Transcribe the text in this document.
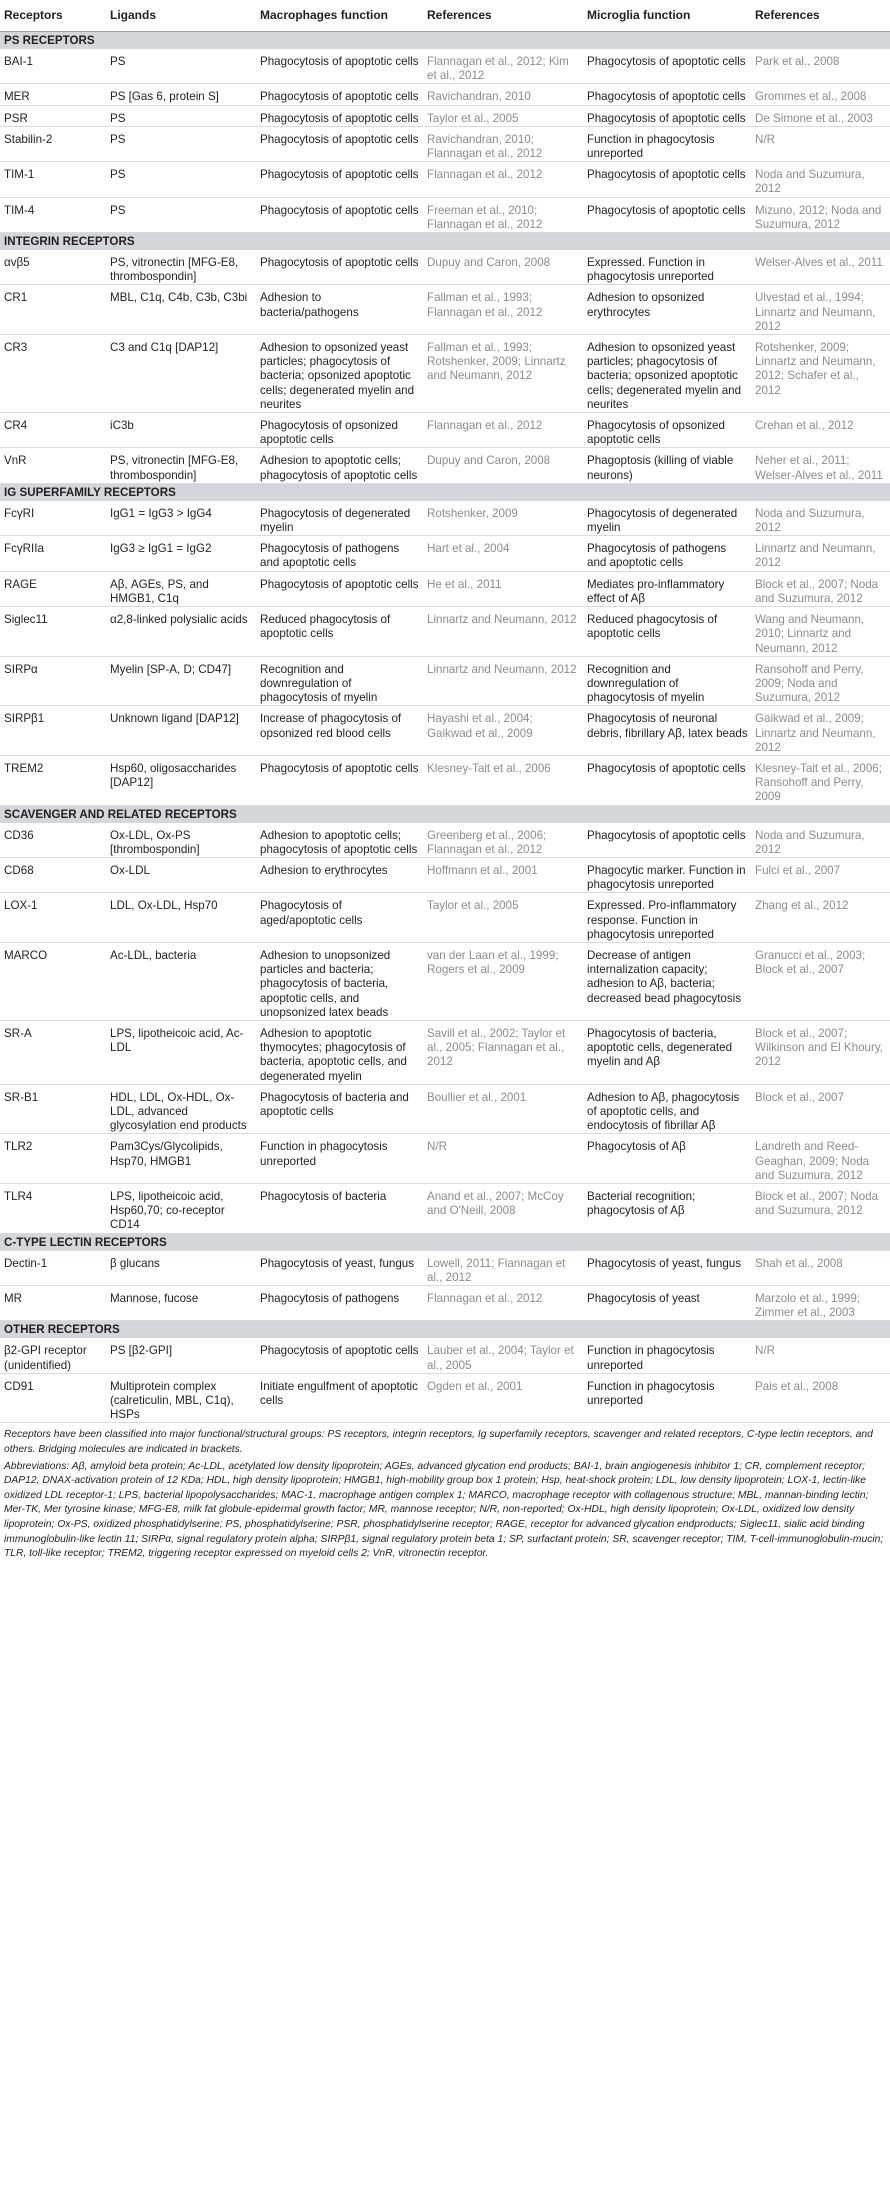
Receptors	Ligands	Macrophages function	References	Microglia function	References
PS RECEPTORS					
BAI-1	PS	Phagocytosis of apoptotic cells	Flannagan et al., 2012; Kim et al., 2012	Phagocytosis of apoptotic cells	Park et al., 2008
MER	PS [Gas 6, protein S]	Phagocytosis of apoptotic cells	Ravichandran, 2010	Phagocytosis of apoptotic cells	Grommes et al., 2008
PSR	PS	Phagocytosis of apoptotic cells	Taylor et al., 2005	Phagocytosis of apoptotic cells	De Simone et al., 2003
Stabilin-2	PS	Phagocytosis of apoptotic cells	Ravichandran, 2010; Flannagan et al., 2012	Function in phagocytosis unreported	N/R
TIM-1	PS	Phagocytosis of apoptotic cells	Flannagan et al., 2012	Phagocytosis of apoptotic cells	Noda and Suzumura, 2012
TIM-4	PS	Phagocytosis of apoptotic cells	Freeman et al., 2010; Flannagan et al., 2012	Phagocytosis of apoptotic cells	Mizuno, 2012; Noda and Suzumura, 2012
INTEGRIN RECEPTORS					
αvβ5	PS, vitronectin [MFG-E8, thrombospondin]	Phagocytosis of apoptotic cells	Dupuy and Caron, 2008	Expressed. Function in phagocytosis unreported	Welser-Alves et al., 2011
CR1	MBL, C1q, C4b, C3b, C3bi	Adhesion to bacteria/pathogens	Fallman et al., 1993; Flannagan et al., 2012	Adhesion to opsonized erythrocytes	Ulvestad et al., 1994; Linnartz and Neumann, 2012
CR3	C3 and C1q [DAP12]	Adhesion to opsonized yeast particles; phagocytosis of bacteria; opsonized apoptotic cells; degenerated myelin and neurites	Fallman et al., 1993; Rotshenker, 2009; Linnartz and Neumann, 2012	Adhesion to opsonized yeast particles; phagocytosis of bacteria; opsonized apoptotic cells; degenerated myelin and neurites	Rotshenker, 2009; Linnartz and Neumann, 2012; Schafer et al., 2012
CR4	iC3b	Phagocytosis of opsonized apoptotic cells	Flannagan et al., 2012	Phagocytosis of opsonized apoptotic cells	Crehan et al., 2012
VnR	PS, vitronectin [MFG-E8, thrombospondin]	Adhesion to apoptotic cells; phagocytosis of apoptotic cells	Dupuy and Caron, 2008	Phagoptosis (killing of viable neurons)	Neher et al., 2011; Welser-Alves et al., 2011
IG SUPERFAMILY RECEPTORS					
FcγRI	IgG1 = IgG3 > IgG4	Phagocytosis of degenerated myelin	Rotshenker, 2009	Phagocytosis of degenerated myelin	Noda and Suzumura, 2012
FcγRIIa	IgG3 ≥ IgG1 = IgG2	Phagocytosis of pathogens and apoptotic cells	Hart et al., 2004	Phagocytosis of pathogens and apoptotic cells	Linnartz and Neumann, 2012
RAGE	Aβ, AGEs, PS, and HMGB1, C1q	Phagocytosis of apoptotic cells	He et al., 2011	Mediates pro-inflammatory effect of Aβ	Block et al., 2007; Noda and Suzumura, 2012
Siglec11	α2,8-linked polysialic acids	Reduced phagocytosis of apoptotic cells	Linnartz and Neumann, 2012	Reduced phagocytosis of apoptotic cells	Wang and Neumann, 2010; Linnartz and Neumann, 2012
SIRPα	Myelin [SP-A, D; CD47]	Recognition and downregulation of phagocytosis of myelin	Linnartz and Neumann, 2012	Recognition and downregulation of phagocytosis of myelin	Ransohoff and Perry, 2009; Noda and Suzumura, 2012
SIRPβ1	Unknown ligand [DAP12]	Increase of phagocytosis of opsonized red blood cells	Hayashi et al., 2004; Gaikwad et al., 2009	Phagocytosis of neuronal debris, fibrillary Aβ, latex beads	Gaikwad et al., 2009; Linnartz and Neumann, 2012
TREM2	Hsp60, oligosaccharides [DAP12]	Phagocytosis of apoptotic cells	Klesney-Tait et al., 2006	Phagocytosis of apoptotic cells	Klesney-Tait et al., 2006; Ransohoff and Perry, 2009
SCAVENGER AND RELATED RECEPTORS					
CD36	Ox-LDL, Ox-PS [thrombospondin]	Adhesion to apoptotic cells; phagocytosis of apoptotic cells	Greenberg et al., 2006; Flannagan et al., 2012	Phagocytosis of apoptotic cells	Noda and Suzumura, 2012
CD68	Ox-LDL	Adhesion to erythrocytes	Hoffmann et al., 2001	Phagocytic marker. Function in phagocytosis unreported	Fulci et al., 2007
LOX-1	LDL, Ox-LDL, Hsp70	Phagocytosis of aged/apoptotic cells	Taylor et al., 2005	Expressed. Pro-inflammatory response. Function in phagocytosis unreported	Zhang et al., 2012
MARCO	Ac-LDL, bacteria	Adhesion to unopsonized particles and bacteria; phagocytosis of bacteria, apoptotic cells, and unopsonized latex beads	van der Laan et al., 1999; Rogers et al., 2009	Decrease of antigen internalization capacity; adhesion to Aβ, bacteria; decreased bead phagocytosis	Granucci et al., 2003; Block et al., 2007
SR-A	LPS, lipotheicoic acid, Ac-LDL	Adhesion to apoptotic thymocytes; phagocytosis of bacteria, apoptotic cells, and degenerated myelin	Savill et al., 2002; Taylor et al., 2005; Flannagan et al., 2012	Phagocytosis of bacteria, apoptotic cells, degenerated myelin and Aβ	Block et al., 2007; Wilkinson and El Khoury, 2012
SR-B1	HDL, LDL, Ox-HDL, Ox-LDL, advanced glycosylation end products	Phagocytosis of bacteria and apoptotic cells	Boullier et al., 2001	Adhesion to Aβ, phagocytosis of apoptotic cells, and endocytosis of fibrillar Aβ	Block et al., 2007
TLR2	Pam3Cys/Glycolipids, Hsp70, HMGB1	Function in phagocytosis unreported	N/R	Phagocytosis of Aβ	Landreth and Reed-Geaghan, 2009; Noda and Suzumura, 2012
TLR4	LPS, lipotheicoic acid, Hsp60,70; co-receptor CD14	Phagocytosis of bacteria	Anand et al., 2007; McCoy and O'Neill, 2008	Bacterial recognition; phagocytosis of Aβ	Block et al., 2007; Noda and Suzumura, 2012
C-TYPE LECTIN RECEPTORS					
Dectin-1	β glucans	Phagocytosis of yeast, fungus	Lowell, 2011; Flannagan et al., 2012	Phagocytosis of yeast, fungus	Shah et al., 2008
MR	Mannose, fucose	Phagocytosis of pathogens	Flannagan et al., 2012	Phagocytosis of yeast	Marzolo et al., 1999; Zimmer et al., 2003
OTHER RECEPTORS					
β2-GPI receptor (unidentified)	PS [β2-GPI]	Phagocytosis of apoptotic cells	Lauber et al., 2004; Taylor et al., 2005	Function in phagocytosis unreported	N/R
CD91	Multiprotein complex (calreticulin, MBL, C1q), HSPs	Initiate engulfment of apoptotic cells	Ogden et al., 2001	Function in phagocytosis unreported	Pais et al., 2008

Receptors have been classified into major functional/structural groups: PS receptors, integrin receptors, Ig superfamily receptors, scavenger and related receptors, C-type lectin receptors, and others. Bridging molecules are indicated in brackets.

Abbreviations: Aβ, amyloid beta protein; Ac-LDL, acetylated low density lipoprotein; AGEs, advanced glycation end products; BAI-1, brain angiogenesis inhibitor 1; CR, complement receptor; DAP12, DNAX-activation protein of 12 KDa; HDL, high density lipoprotein; HMGB1, high-mobility group box 1 protein; Hsp, heat-shock protein; LDL, low density lipoprotein; LOX-1, lectin-like oxidized LDL receptor-1; LPS, bacterial lipopolysaccharides; MAC-1, macrophage antigen complex 1; MARCO, macrophage receptor with collagenous structure; MBL, mannan-binding lectin; Mer-TK, Mer tyrosine kinase; MFG-E8, milk fat globule-epidermal growth factor; MR, mannose receptor; N/R, non-reported; Ox-HDL, high density lipoprotein; Ox-LDL, oxidized low density lipoprotein; Ox-PS, oxidized phosphatidylserine; PS, phosphatidylserine; PSR, phosphatidylserine receptor; RAGE, receptor for advanced glycation endproducts; Siglec11, sialic acid binding immunoglobulin-like lectin 11; SIRPα, signal regulatory protein alpha; SIRPβ1, signal regulatory protein beta 1; SP, surfactant protein; SR, scavenger receptor; TIM, T-cell-immunoglobulin-mucin; TLR, toll-like receptor; TREM2, triggering receptor expressed on myeloid cells 2; VnR, vitronectin receptor.
